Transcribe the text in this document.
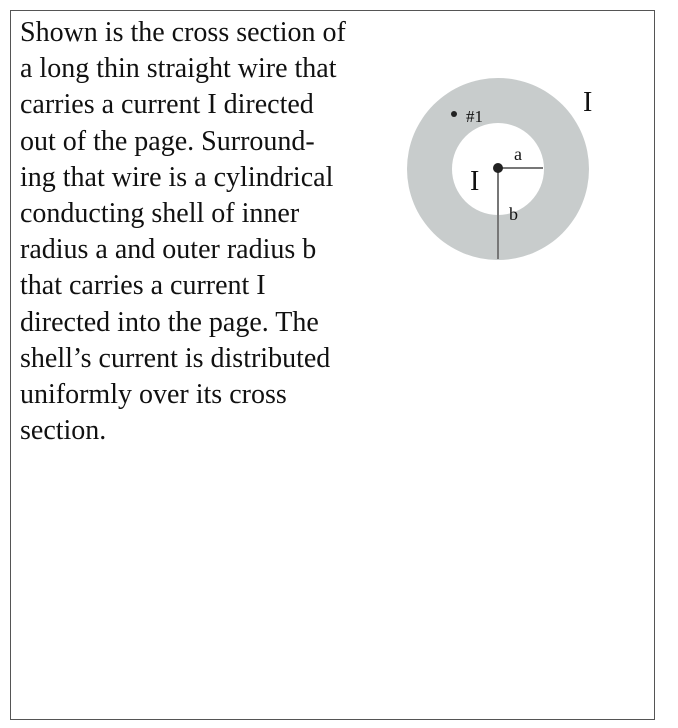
Shown is the cross section of
a long thin straight wire that
carries a current I directed
out of the page. Surround-
ing that wire is a cylindrical
conducting shell of inner
radius a and outer radius b
that carries a current I
directed into the page. The
shell’s current is distributed
uniformly over its cross
section.
#1
I
I
a
b
